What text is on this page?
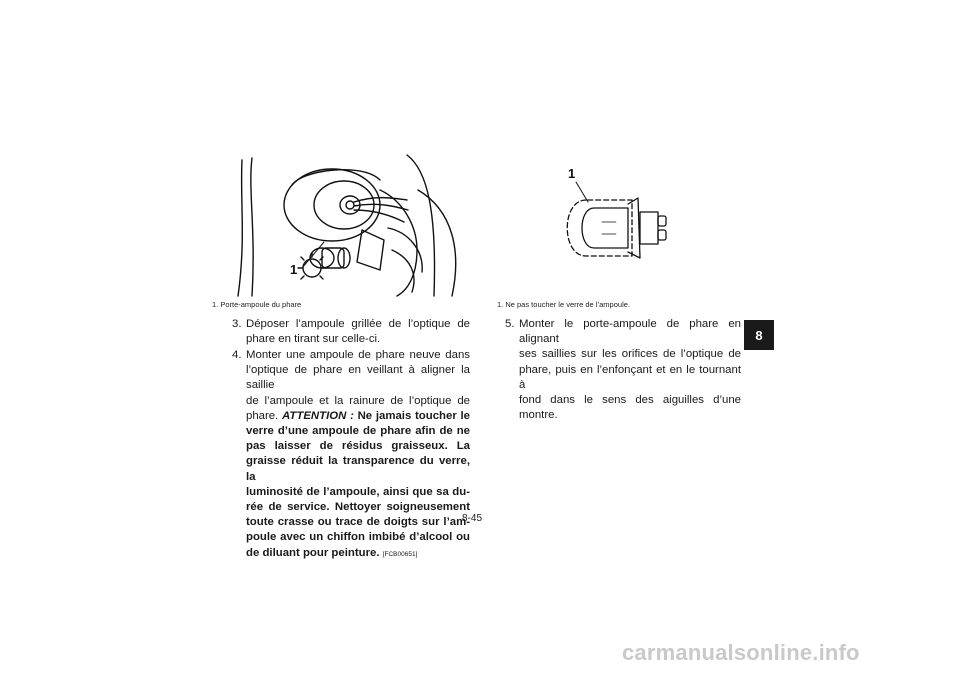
1
1. Porte-ampoule du phare
1
1. Ne pas toucher le verre de l’ampoule.
3. Déposer l’ampoule grillée de l’optique de
phare en tirant sur celle-ci.
4. Monter une ampoule de phare neuve dans
l’optique de phare en veillant à aligner la saillie
de l’ampoule et la rainure de l’optique de
phare. ATTENTION : Ne jamais toucher le
verre d’une ampoule de phare afin de ne
pas laisser de résidus graisseux. La
graisse réduit la transparence du verre, la
luminosité de l’ampoule, ainsi que sa du-
rée de service. Nettoyer soigneusement
toute crasse ou trace de doigts sur l’am-
poule avec un chiffon imbibé d’alcool ou
de diluant pour peinture. [FCB00651]
5. Monter le porte-ampoule de phare en alignant
ses saillies sur les orifices de l’optique de
phare, puis en l’enfonçant et en le tournant à
fond dans le sens des aiguilles d’une montre.
8
8-45
carmanualsonline.info
